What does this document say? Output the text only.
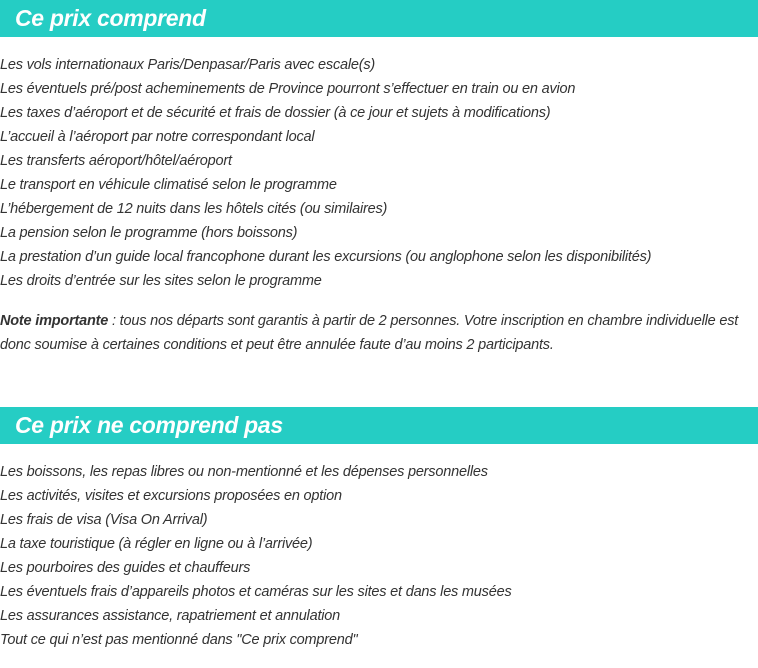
Ce prix comprend
Les vols internationaux Paris/Denpasar/Paris avec escale(s)
Les éventuels pré/post acheminements de Province pourront s’effectuer en train ou en avion
Les taxes d’aéroport et de sécurité et frais de dossier (à ce jour et sujets à modifications)
L’accueil à l’aéroport par notre correspondant local
Les transferts aéroport/hôtel/aéroport
Le transport en véhicule climatisé selon le programme
L’hébergement de 12 nuits dans les hôtels cités (ou similaires)
La pension selon le programme (hors boissons)
La prestation d’un guide local francophone durant les excursions (ou anglophone selon les disponibilités)
Les droits d’entrée sur les sites selon le programme

Note importante : tous nos départs sont garantis à partir de 2 personnes. Votre inscription en chambre individuelle est donc soumise à certaines conditions et peut être annulée faute d’au moins 2 participants.

Ce prix ne comprend pas
Les boissons, les repas libres ou non-mentionné et les dépenses personnelles
Les activités, visites et excursions proposées en option
Les frais de visa (Visa On Arrival)
La taxe touristique (à régler en ligne ou à l’arrivée)
Les pourboires des guides et chauffeurs
Les éventuels frais d’appareils photos et caméras sur les sites et dans les musées
Les assurances assistance, rapatriement et annulation
Tout ce qui n’est pas mentionné dans "Ce prix comprend"
